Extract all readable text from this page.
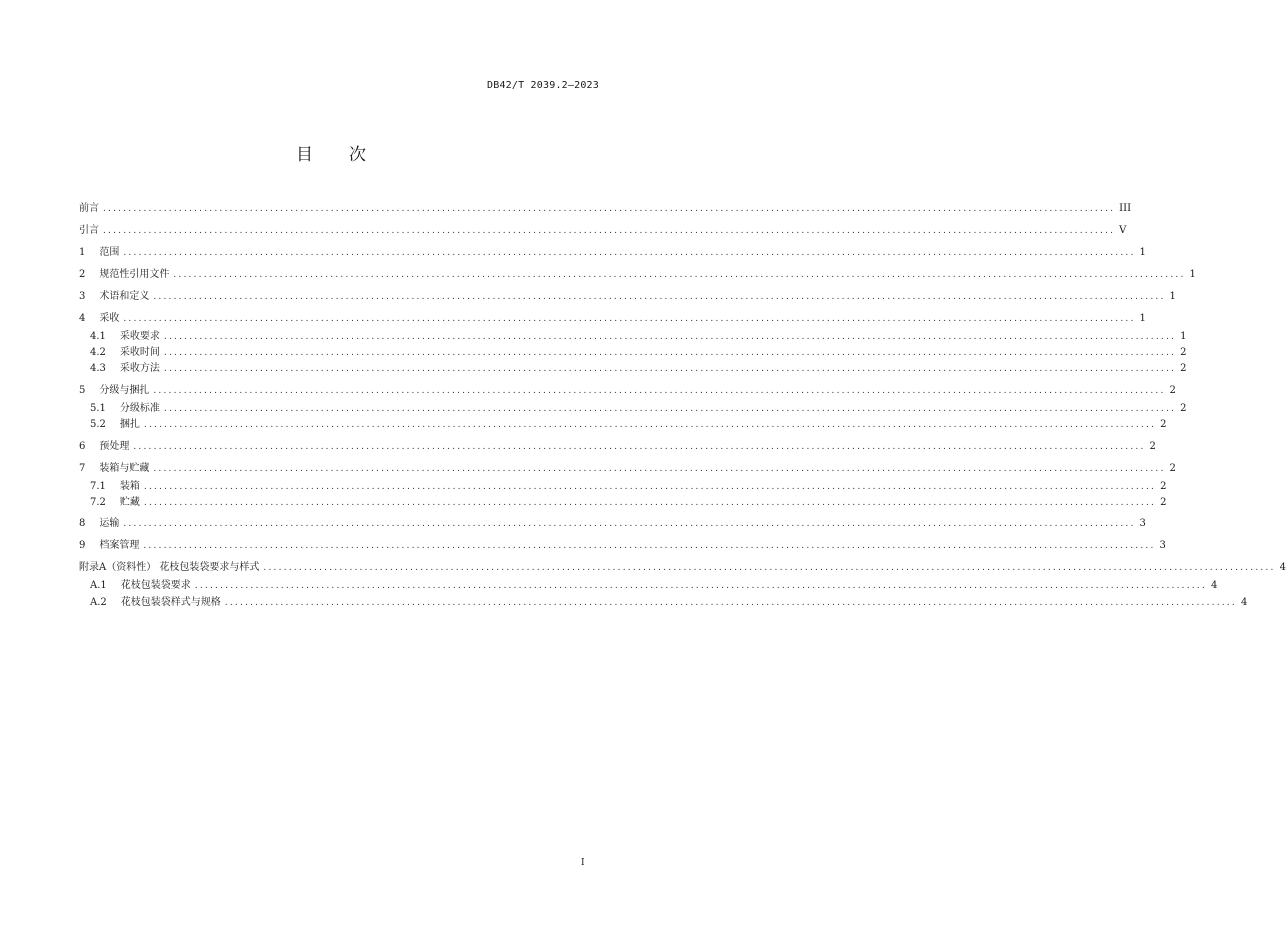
DB42/T 2039.2—2023
目次
前言 ........................................................................................................................................................................................................ III
引言 ........................................................................................................................................................................................................ V
1 范围 ........................................................................................................................................................................................................ 1
2 规范性引用文件 ........................................................................................................................................................................................................ 1
3 术语和定义 ........................................................................................................................................................................................................ 1
4 采收 ........................................................................................................................................................................................................ 1
4.1 采收要求 ........................................................................................................................................................................................................ 1
4.2 采收时间 ........................................................................................................................................................................................................ 2
4.3 采收方法 ........................................................................................................................................................................................................ 2
5 分级与捆扎 ........................................................................................................................................................................................................ 2
5.1 分级标准 ........................................................................................................................................................................................................ 2
5.2 捆扎 ........................................................................................................................................................................................................ 2
6 预处理 ........................................................................................................................................................................................................ 2
7 装箱与贮藏 ........................................................................................................................................................................................................ 2
7.1 装箱 ........................................................................................................................................................................................................ 2
7.2 贮藏 ........................................................................................................................................................................................................ 2
8 运输 ........................................................................................................................................................................................................ 3
9 档案管理 ........................................................................................................................................................................................................ 3
附录A（资料性） 花枝包装袋要求与样式 ........................................................................................................................................................................................................ 4
A.1 花枝包装袋要求 ........................................................................................................................................................................................................ 4
A.2 花枝包装袋样式与规格 ........................................................................................................................................................................................................ 4
I
